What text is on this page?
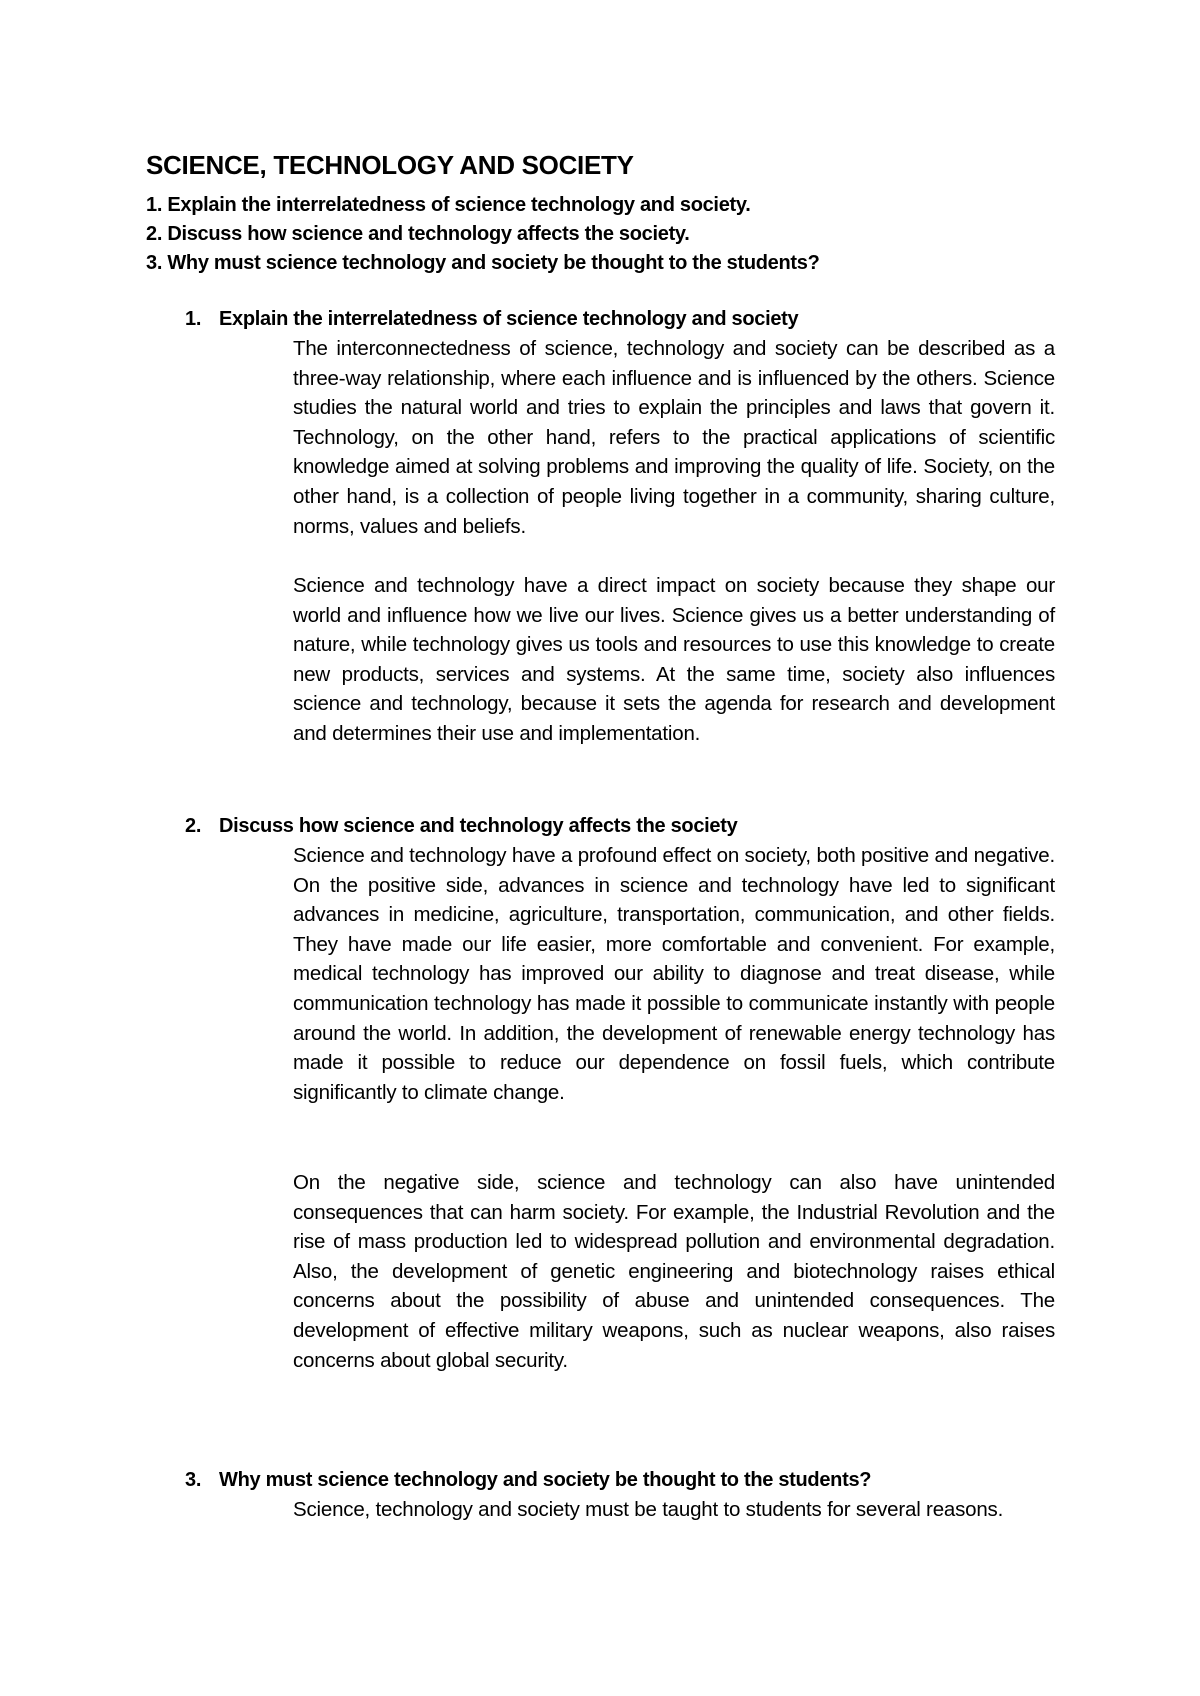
SCIENCE, TECHNOLOGY AND SOCIETY
1. Explain the interrelatedness of science technology and society.
2. Discuss how science and technology affects the society.
3. Why must science technology and society be thought to the students?
1. Explain the interrelatedness of science technology and society

The interconnectedness of science, technology and society can be described as a three-way relationship, where each influence and is influenced by the others. Science studies the natural world and tries to explain the principles and laws that govern it. Technology, on the other hand, refers to the practical applications of scientific knowledge aimed at solving problems and improving the quality of life. Society, on the other hand, is a collection of people living together in a community, sharing culture, norms, values and beliefs.

Science and technology have a direct impact on society because they shape our world and influence how we live our lives. Science gives us a better understanding of nature, while technology gives us tools and resources to use this knowledge to create new products, services and systems. At the same time, society also influences science and technology, because it sets the agenda for research and development and determines their use and implementation.

2. Discuss how science and technology affects the society

Science and technology have a profound effect on society, both positive and negative. On the positive side, advances in science and technology have led to significant advances in medicine, agriculture, transportation, communication, and other fields. They have made our life easier, more comfortable and convenient. For example, medical technology has improved our ability to diagnose and treat disease, while communication technology has made it possible to communicate instantly with people around the world. In addition, the development of renewable energy technology has made it possible to reduce our dependence on fossil fuels, which contribute significantly to climate change.

On the negative side, science and technology can also have unintended consequences that can harm society. For example, the Industrial Revolution and the rise of mass production led to widespread pollution and environmental degradation. Also, the development of genetic engineering and biotechnology raises ethical concerns about the possibility of abuse and unintended consequences. The development of effective military weapons, such as nuclear weapons, also raises concerns about global security.

3. Why must science technology and society be thought to the students?

Science, technology and society must be taught to students for several reasons.
